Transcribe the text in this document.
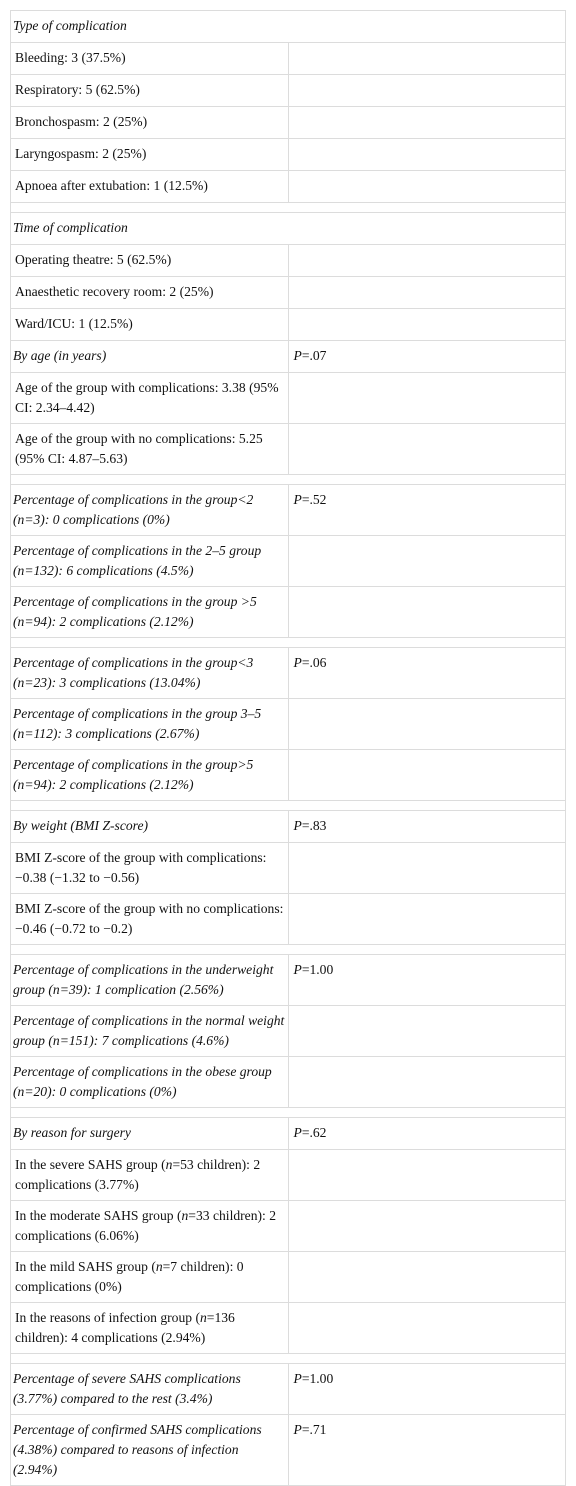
Type of complication	
Bleeding: 3 (37.5%)	
Respiratory: 5 (62.5%)	
Bronchospasm: 2 (25%)	
Laryngospasm: 2 (25%)	
Apnoea after extubation: 1 (12.5%)	

Time of complication	
Operating theatre: 5 (62.5%)	
Anaesthetic recovery room: 2 (25%)	
Ward/ICU: 1 (12.5%)	
By age (in years)	P=.07
Age of the group with complications: 3.38 (95% CI: 2.34–4.42)	
Age of the group with no complications: 5.25 (95% CI: 4.87–5.63)	

Percentage of complications in the group<2 (n=3): 0 complications (0%)	P=.52
Percentage of complications in the 2–5 group (n=132): 6 complications (4.5%)	
Percentage of complications in the group >5 (n=94): 2 complications (2.12%)	

Percentage of complications in the group<3 (n=23): 3 complications (13.04%)	P=.06
Percentage of complications in the group 3–5 (n=112): 3 complications (2.67%)	
Percentage of complications in the group>5 (n=94): 2 complications (2.12%)	

By weight (BMI Z-score)	P=.83
BMI Z-score of the group with complications: −0.38 (−1.32 to −0.56)	
BMI Z-score of the group with no complications: −0.46 (−0.72 to −0.2)	

Percentage of complications in the underweight group (n=39): 1 complication (2.56%)	P=1.00
Percentage of complications in the normal weight group (n=151): 7 complications (4.6%)	
Percentage of complications in the obese group (n=20): 0 complications (0%)	

By reason for surgery	P=.62
In the severe SAHS group (n=53 children): 2 complications (3.77%)	
In the moderate SAHS group (n=33 children): 2 complications (6.06%)	
In the mild SAHS group (n=7 children): 0 complications (0%)	
In the reasons of infection group (n=136 children): 4 complications (2.94%)	

Percentage of severe SAHS complications (3.77%) compared to the rest (3.4%)	P=1.00
Percentage of confirmed SAHS complications (4.38%) compared to reasons of infection (2.94%)	P=.71
